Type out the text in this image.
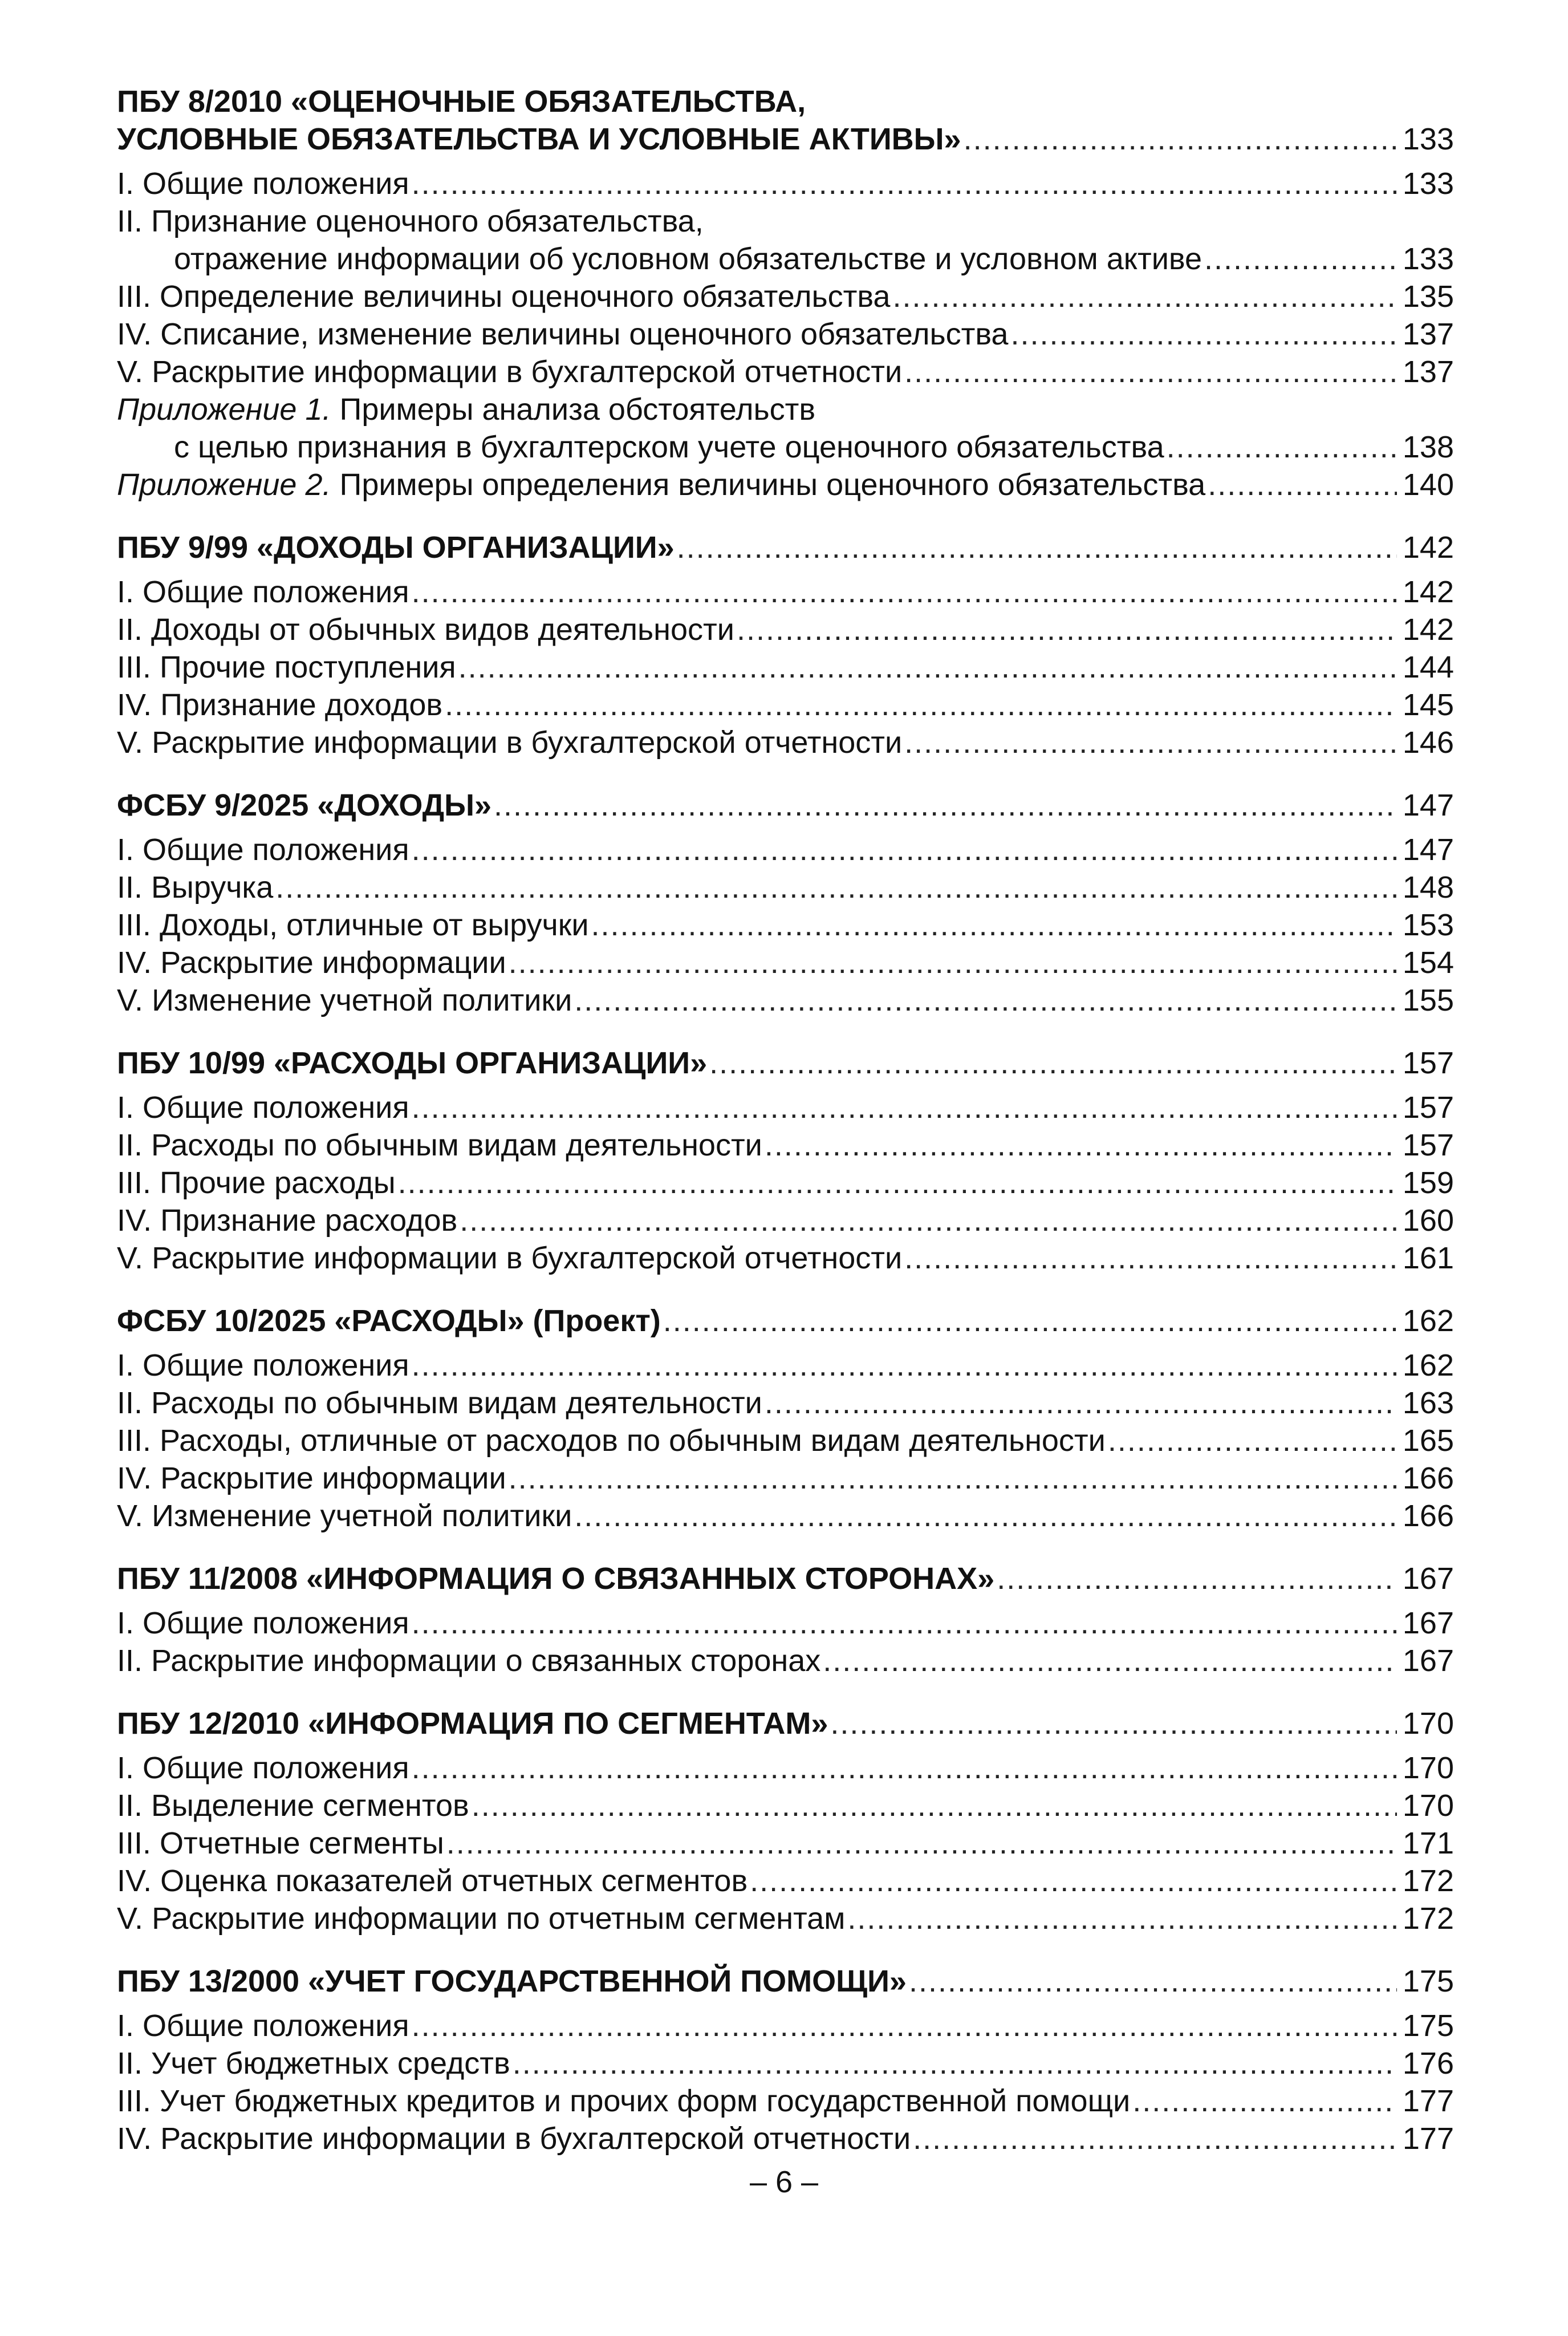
ПБУ 8/2010 «ОЦЕНОЧНЫЕ ОБЯЗАТЕЛЬСТВА,
УСЛОВНЫЕ ОБЯЗАТЕЛЬСТВА И УСЛОВНЫЕ АКТИВЫ» .....	133
I. Общие положения .....	133
II. Признание оценочного обязательства,
отражение информации об условном обязательстве и условном активе .....	133
III. Определение величины оценочного обязательства .....	135
IV. Списание, изменение величины оценочного обязательства .....	137
V. Раскрытие информации в бухгалтерской отчетности .....	137
Приложение 1. Примеры анализа обстоятельств
с целью признания в бухгалтерском учете оценочного обязательства .....	138
Приложение 2. Примеры определения величины оценочного обязательства .....	140
ПБУ 9/99 «ДОХОДЫ ОРГАНИЗАЦИИ» .....	142
I. Общие положения .....	142
II. Доходы от обычных видов деятельности .....	142
III. Прочие поступления .....	144
IV. Признание доходов .....	145
V. Раскрытие информации в бухгалтерской отчетности .....	146
ФСБУ 9/2025 «ДОХОДЫ» .....	147
I. Общие положения .....	147
II. Выручка .....	148
III. Доходы, отличные от выручки .....	153
IV. Раскрытие информации .....	154
V. Изменение учетной политики .....	155
ПБУ 10/99 «РАСХОДЫ ОРГАНИЗАЦИИ» .....	157
I. Общие положения .....	157
II. Расходы по обычным видам деятельности .....	157
III. Прочие расходы .....	159
IV. Признание расходов .....	160
V. Раскрытие информации в бухгалтерской отчетности .....	161
ФСБУ 10/2025 «РАСХОДЫ» (Проект) .....	162
I. Общие положения .....	162
II. Расходы по обычным видам деятельности .....	163
III. Расходы, отличные от расходов по обычным видам деятельности .....	165
IV. Раскрытие информации .....	166
V. Изменение учетной политики .....	166
ПБУ 11/2008 «ИНФОРМАЦИЯ О СВЯЗАННЫХ СТОРОНАХ» .....	167
I. Общие положения .....	167
II. Раскрытие информации о связанных сторонах .....	167
ПБУ 12/2010 «ИНФОРМАЦИЯ ПО СЕГМЕНТАМ» .....	170
I. Общие положения .....	170
II. Выделение сегментов .....	170
III. Отчетные сегменты .....	171
IV. Оценка показателей отчетных сегментов .....	172
V. Раскрытие информации по отчетным сегментам .....	172
ПБУ 13/2000 «УЧЕТ ГОСУДАРСТВЕННОЙ ПОМОЩИ» .....	175
I. Общие положения .....	175
II. Учет бюджетных средств .....	176
III. Учет бюджетных кредитов и прочих форм государственной помощи .....	177
IV. Раскрытие информации в бухгалтерской отчетности .....	177
– 6 –
